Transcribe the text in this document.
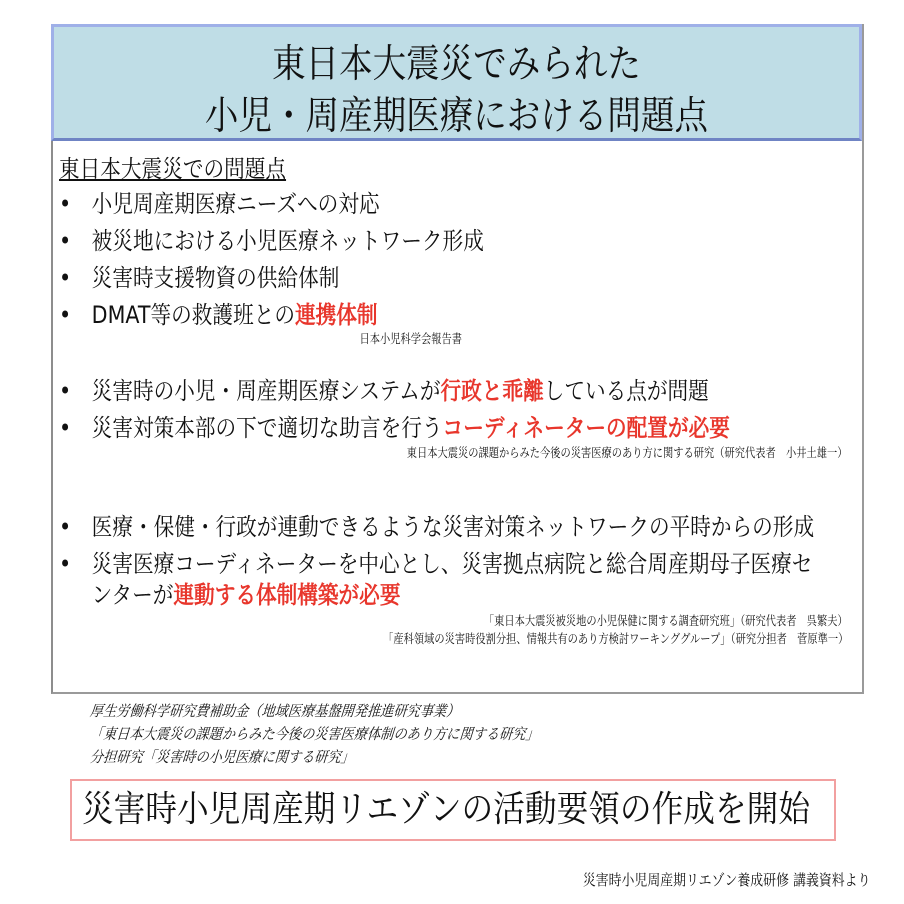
東日本大震災でみられた
小児・周産期医療における問題点
東日本大震災での問題点
• 小児周産期医療ニーズへの対応
• 被災地における小児医療ネットワーク形成
• 災害時支援物資の供給体制
• DMAT等の救護班との連携体制
日本小児科学会報告書
• 災害時の小児・周産期医療システムが行政と乖離している点が問題
• 災害対策本部の下で適切な助言を行うコーディネーターの配置が必要
東日本大震災の課題からみた今後の災害医療のあり方に関する研究（研究代表者　小井土雄一）
• 医療・保健・行政が連動できるような災害対策ネットワークの平時からの形成
• 災害医療コーディネーターを中心とし、災害拠点病院と総合周産期母子医療セ
ンターが連動する体制構築が必要
「東日本大震災被災地の小児保健に関する調査研究班」（研究代表者　呉繁夫）
「産科領域の災害時役割分担、情報共有のあり方検討ワーキンググループ」（研究分担者　菅原準一）
厚生労働科学研究費補助金（地域医療基盤開発推進研究事業）
「東日本大震災の課題からみた今後の災害医療体制のあり方に関する研究」
分担研究「災害時の小児医療に関する研究」
災害時小児周産期リエゾンの活動要領の作成を開始
災害時小児周産期リエゾン養成研修 講義資料より
